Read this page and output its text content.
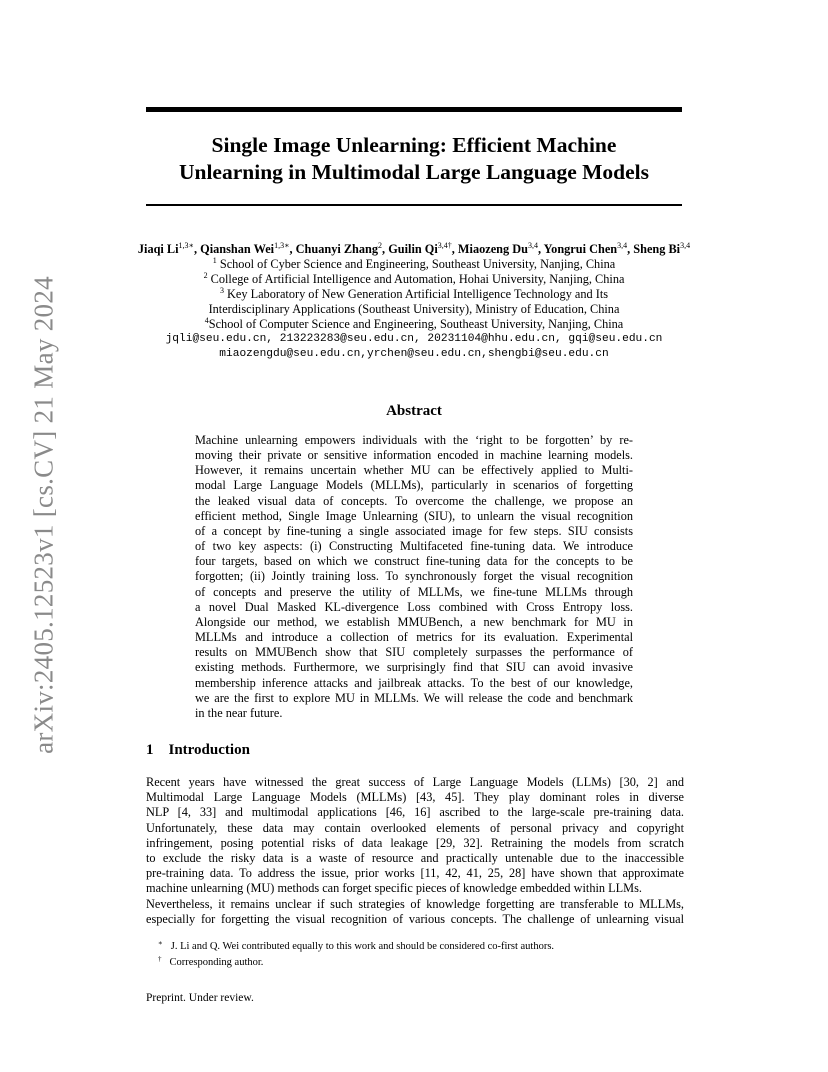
arXiv:2405.12523v1 [cs.CV] 21 May 2024
Single Image Unlearning: Efficient Machine
Unlearning in Multimodal Large Language Models
Jiaqi $Li^{1,3∗}$, Qianshan Wei$^{1,3∗}$, Chuanyi Zhang$^2$, Guilin $Qi^{3,4\dagger}$, Miaozeng Du$^{3,4}$, Yongrui Chen$^{3,4}$, Sheng Bi$^{3,4}$
$^1$ School of Cyber Science and Engineering, Southeast University, Nanjing, China
$^2$ College of Artificial Intelligence and Automation, Hohai University, Nanjing, China
$^3$ Key Laboratory of New Generation Artificial Intelligence Technology and Its
Interdisciplinary Applications (Southeast University), Ministry of Education, China
$^4$School of Computer Science and Engineering, Southeast University, Nanjing, China
jqli@seu.edu.cn, 213223283@seu.edu.cn, 20231104@hhu.edu.cn, gqi@seu.edu.cn
miaozengdu@seu.edu.cn,yrchen@seu.edu.cn,shengbi@seu.edu.cn
Abstract
Machine unlearning empowers individuals with the ‘right to be forgotten’ by re-
moving their private or sensitive information encoded in machine learning models.
However, it remains uncertain whether MU can be effectively applied to Multi-
modal Large Language Models (MLLMs), particularly in scenarios of forgetting
the leaked visual data of concepts. To overcome the challenge, we propose an
efficient method, Single Image Unlearning (SIU), to unlearn the visual recognition
of a concept by fine-tuning a single associated image for few steps. SIU consists
of two key aspects: (i) Constructing Multifaceted fine-tuning data. We introduce
four targets, based on which we construct fine-tuning data for the concepts to be
forgotten; (ii) Jointly training loss. To synchronously forget the visual recognition
of concepts and preserve the utility of MLLMs, we fine-tune MLLMs through
a novel Dual Masked KL-divergence Loss combined with Cross Entropy loss.
Alongside our method, we establish MMUBench, a new benchmark for MU in
MLLMs and introduce a collection of metrics for its evaluation. Experimental
results on MMUBench show that SIU completely surpasses the performance of
existing methods. Furthermore, we surprisingly find that SIU can avoid invasive
membership inference attacks and jailbreak attacks. To the best of our knowledge,
we are the first to explore MU in MLLMs. We will release the code and benchmark
in the near future.
1 Introduction
Recent years have witnessed the great success of Large Language Models (LLMs) [30, 2] and
Multimodal Large Language Models (MLLMs) [43, 45]. They play dominant roles in diverse
NLP [4, 33] and multimodal applications [46, 16] ascribed to the large-scale pre-training data.
Unfortunately, these data may contain overlooked elements of personal privacy and copyright
infringement, posing potential risks of data leakage [29, 32]. Retraining the models from scratch
to exclude the risky data is a waste of resource and practically untenable due to the inaccessible
pre-training data. To address the issue, prior works [11, 42, 41, 25, 28] have shown that approximate
machine unlearning (MU) methods can forget specific pieces of knowledge embedded within LLMs.
Nevertheless, it remains unclear if such strategies of knowledge forgetting are transferable to MLLMs,
especially for forgetting the visual recognition of various concepts. The challenge of unlearning visual
∗ J. Li and Q. Wei contributed equally to this work and should be considered co-first authors.
† Corresponding author.
Preprint. Under review.
